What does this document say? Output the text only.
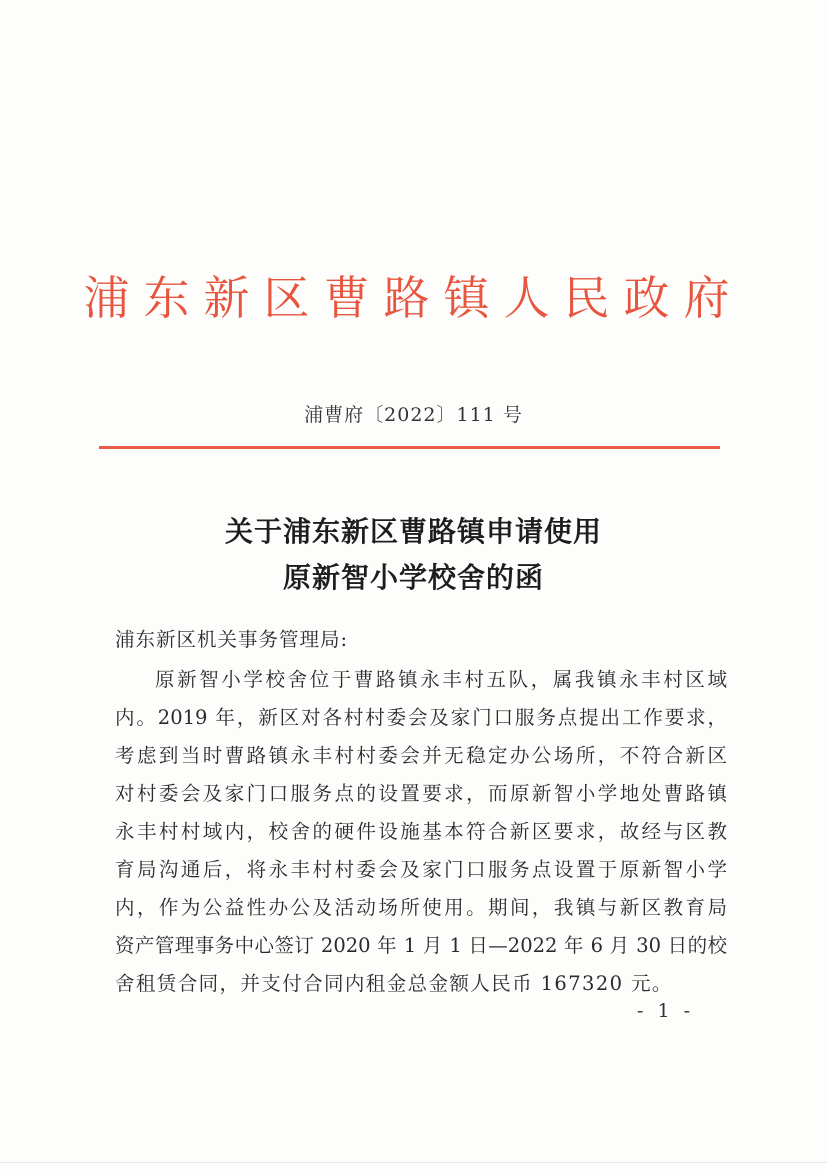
浦东新区曹路镇人民政府
浦曹府〔2022〕111 号
关于浦东新区曹路镇申请使用
原新智小学校舍的函
浦东新区机关事务管理局:
原新智小学校舍位于曹路镇永丰村五队，属我镇永丰村区域
内。2019 年，新区对各村村委会及家门口服务点提出工作要求，
考虑到当时曹路镇永丰村村委会并无稳定办公场所，不符合新区
对村委会及家门口服务点的设置要求，而原新智小学地处曹路镇
永丰村村域内，校舍的硬件设施基本符合新区要求，故经与区教
育局沟通后，将永丰村村委会及家门口服务点设置于原新智小学
内，作为公益性办公及活动场所使用。期间，我镇与新区教育局
资产管理事务中心签订 2020 年 1 月 1 日—2022 年 6 月 30 日的校
舍租赁合同，并支付合同内租金总金额人民币 167320 元。
- 1 -
